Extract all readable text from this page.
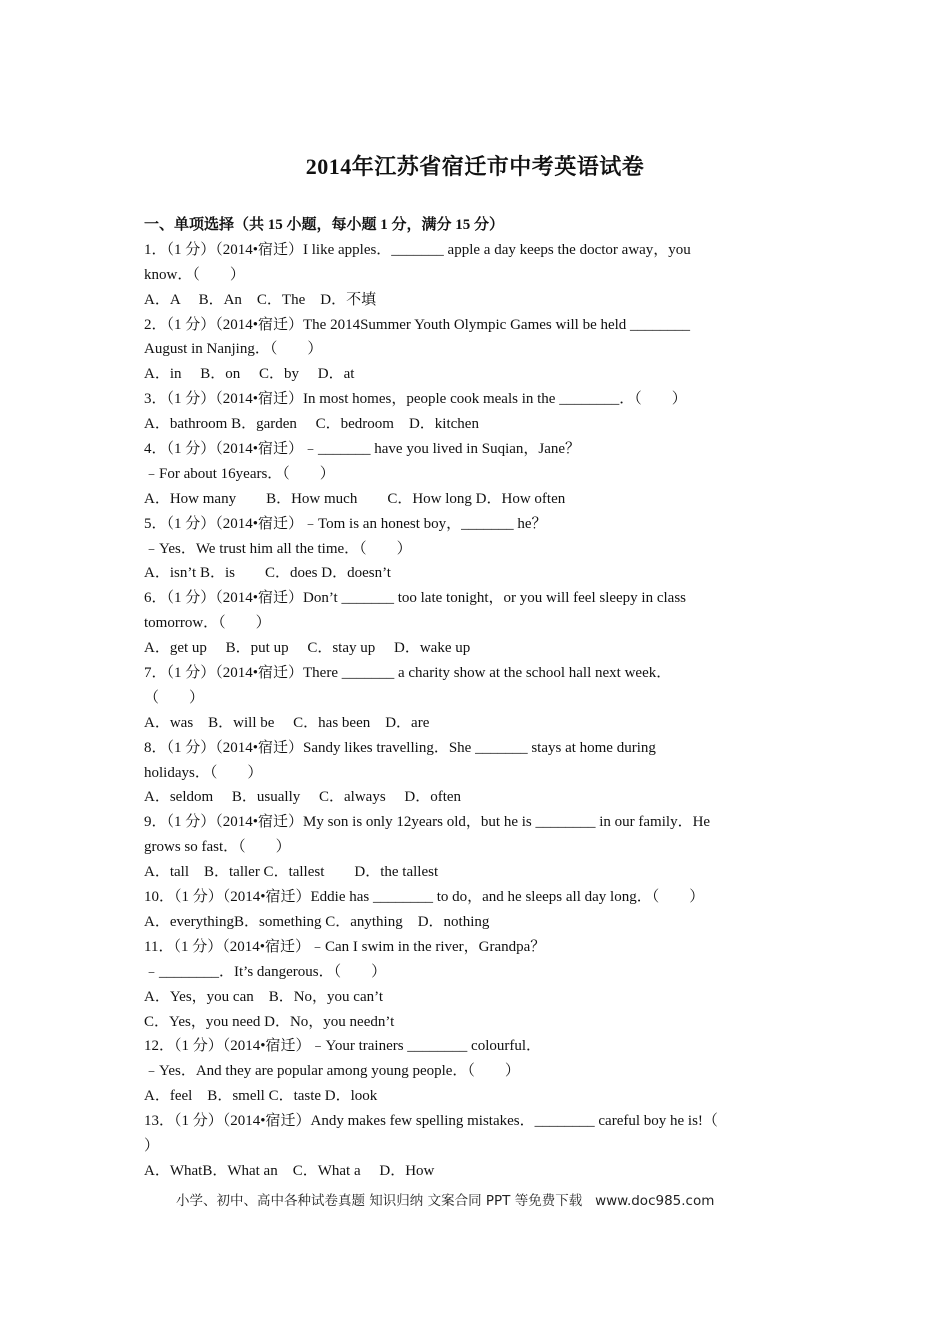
2014年江苏省宿迁市中考英语试卷
一、单项选择（共 15 小题，每小题 1 分，满分 15 分）
1．（1 分）（2014•宿迁）I like apples．_______ apple a day keeps the doctor away，you
know．（　　）
A．A　 B．An　C．The　D．不填
2．（1 分）（2014•宿迁）The 2014Summer Youth Olympic Games will be held ________
August in Nanjing．（　　）
A．in　 B．on　 C．by　 D．at
3．（1 分）（2014•宿迁）In most homes，people cook meals in the ________．（　　）
A．bathroom B．garden　 C．bedroom　D．kitchen
4．（1 分）（2014•宿迁）﹣_______ have you lived in Suqian，Jane？
﹣For about 16years．（　　）
A．How many　　B．How much　　C．How long D．How often
5．（1 分）（2014•宿迁）﹣Tom is an honest boy，_______ he？
﹣Yes．We trust him all the time．（　　）
A．isn’t B．is　　C．does D．doesn’t
6．（1 分）（2014•宿迁）Don’t _______ too late tonight，or you will feel sleepy in class
tomorrow．（　　）
A．get up　 B．put up　 C．stay up　 D．wake up
7．（1 分）（2014•宿迁）There _______ a charity show at the school hall next week．
（　　）
A．was　B．will be　 C．has been　D．are
8．（1 分）（2014•宿迁）Sandy likes travelling．She _______ stays at home during
holidays．（　　）
A．seldom　 B．usually　 C．always　 D．often
9．（1 分）（2014•宿迁）My son is only 12years old，but he is ________ in our family．He
grows so fast．（　　）
A．tall　B．taller C．tallest　　D．the tallest
10．（1 分）（2014•宿迁）Eddie has ________ to do，and he sleeps all day long．（　　）
A．everythingB．something C．anything　D．nothing
11．（1 分）（2014•宿迁）﹣Can I swim in the river，Grandpa？
﹣________．It’s dangerous．（　　）
A．Yes，you can　B．No，you can’t
C．Yes，you need D．No，you needn’t
12．（1 分）（2014•宿迁）﹣Your trainers ________ colourful．
﹣Yes．And they are popular among young people．（　　）
A．feel　B．smell C．taste D．look
13．（1 分）（2014•宿迁）Andy makes few spelling mistakes．________ careful boy he is!（
）
A．WhatB．What an　C．What a　 D．How
小学、初中、高中各种试卷真题 知识归纳 文案合同 PPT 等免费下载   www.doc985.com
